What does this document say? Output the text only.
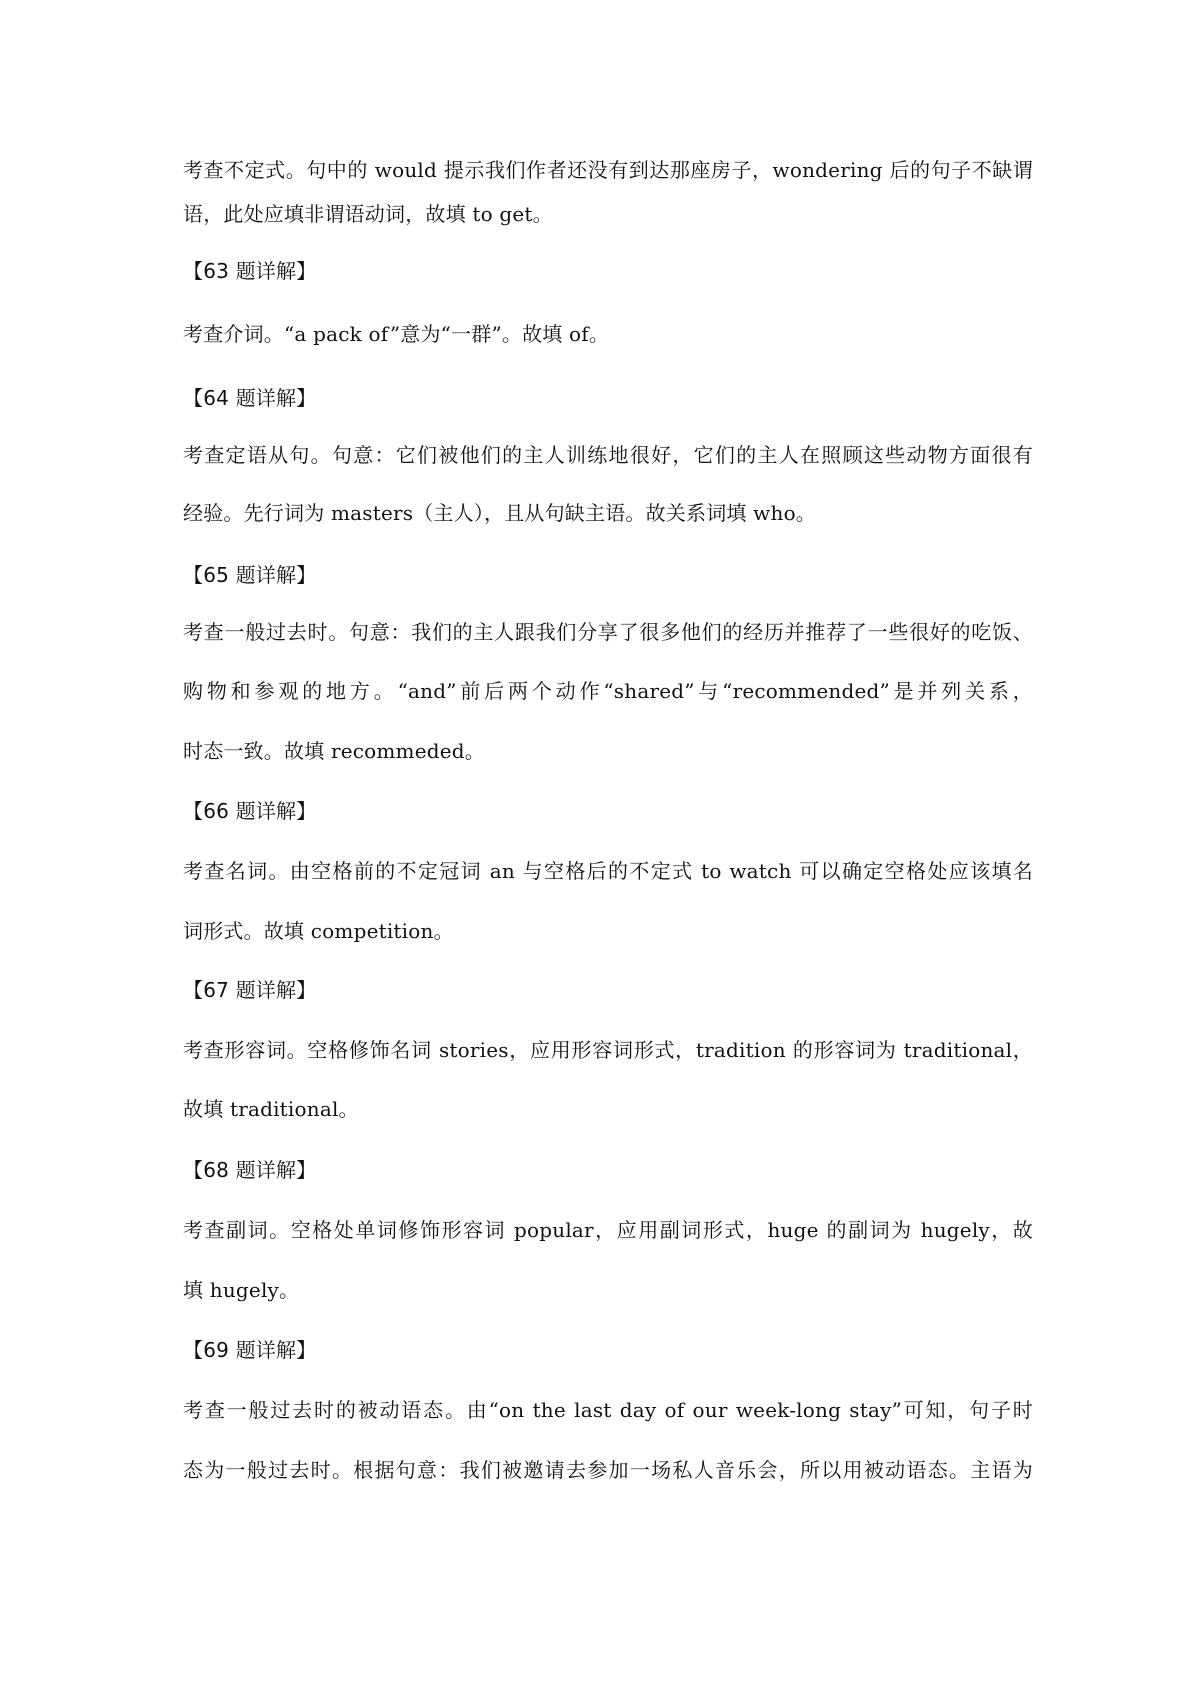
考查不定式。句中的 would 提示我们作者还没有到达那座房子，wondering 后的句子不缺谓
语，此处应填非谓语动词，故填 to get。
【63 题详解】
考查介词。“a pack of”意为“一群”。故填 of。
【64 题详解】
考查定语从句。句意：它们被他们的主人训练地很好，它们的主人在照顾这些动物方面很有
经验。先行词为 masters（主人），且从句缺主语。故关系词填 who。
【65 题详解】
考查一般过去时。句意：我们的主人跟我们分享了很多他们的经历并推荐了一些很好的吃饭、
购物和参观的地方。“and”前后两个动作“shared”与“recommended”是并列关系，
时态一致。故填 recommeded。
【66 题详解】
考查名词。由空格前的不定冠词 an 与空格后的不定式 to watch 可以确定空格处应该填名
词形式。故填 competition。
【67 题详解】
考查形容词。空格修饰名词 stories，应用形容词形式，tradition 的形容词为 traditional，
故填 traditional。
【68 题详解】
考查副词。空格处单词修饰形容词 popular，应用副词形式，huge 的副词为 hugely，故
填 hugely。
【69 题详解】
考查一般过去时的被动语态。由“on the last day of our week-long stay”可知，句子时
态为一般过去时。根据句意：我们被邀请去参加一场私人音乐会，所以用被动语态。主语为
